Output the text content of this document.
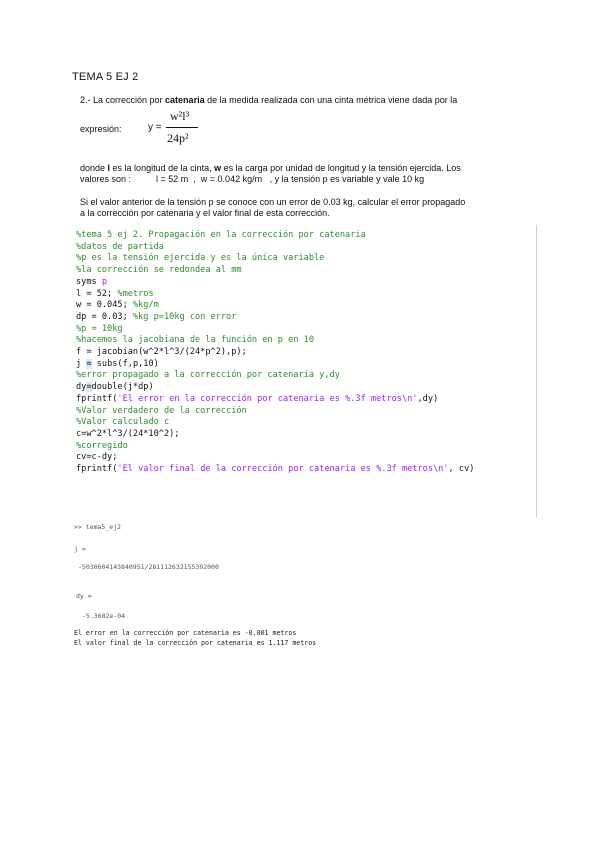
TEMA 5 EJ 2
2.- La corrección por catenaria de la medida realizada con una cinta métrica viene dada por la
expresión:	y =
w²l³
24p²
donde l es la longitud de la cinta, w es la carga por unidad de longitud y la tensión ejercida. Los
valores son :          l = 52 m  ,  w = 0.042 kg/m   , y la tensión p es variable y vale 10 kg
Si el valor anterior de la tensión p se conoce con un error de 0.03 kg, calcular el error propagado
a la corrección por catenaria y el valor final de esta corrección.
%tema 5 ej 2. Propagación en la corrección por catenaria
%datos de partida
%p es la tensión ejercida y es la única variable
%la corrección se redondea al mm
syms p
l = 52; %metros
w = 0.045; %kg/m
dp = 0.03; %kg p=10kg con error
%p = 10kg
%hacemos la jacobiana de la función en p en 10
f = jacobian(w^2*l^3/(24*p^2),p);
j = subs(f,p,10)
%error propagado a la corrección por catenaria y,dy
dy=double(j*dp)
fprintf('El error en la corrección por catenaria es %.3f metros\n',dy)
%Valor verdadero de la corrección
%Valor calculado c
c=w^2*l^3/(24*10^2);
%corregido
cv=c-dy;
fprintf('El valor final de la corrección por catenaria es %.3f metros\n', cv)
>> tema5_ej2
j =
-5030604143840951/281112632155392000
dy =
-5.3682e-04
El error en la corrección por catenaria es -0.001 metros
El valor final de la corrección por catenaria es 1.117 metros
